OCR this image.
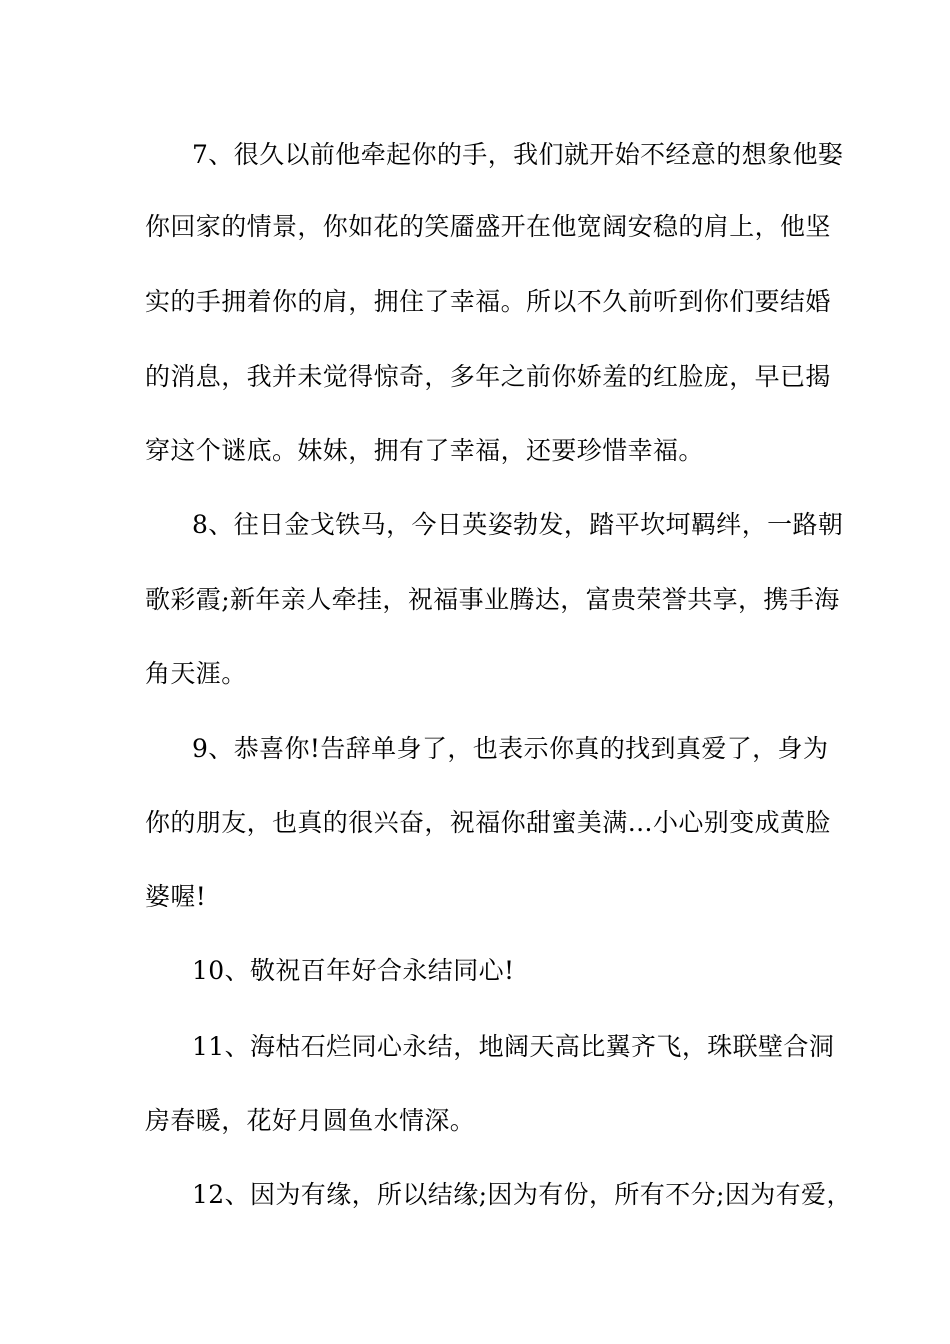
7、很久以前他牵起你的手，我们就开始不经意的想象他娶
你回家的情景，你如花的笑靥盛开在他宽阔安稳的肩上，他坚
实的手拥着你的肩，拥住了幸福。所以不久前听到你们要结婚
的消息，我并未觉得惊奇，多年之前你娇羞的红脸庞，早已揭
穿这个谜底。妹妹，拥有了幸福，还要珍惜幸福。
8、往日金戈铁马，今日英姿勃发，踏平坎坷羁绊，一路朝
歌彩霞;新年亲人牵挂，祝福事业腾达，富贵荣誉共享，携手海
角天涯。
9、恭喜你!告辞单身了，也表示你真的找到真爱了，身为
你的朋友，也真的很兴奋，祝福你甜蜜美满…小心别变成黄脸
婆喔!
10、敬祝百年好合永结同心!
11、海枯石烂同心永结，地阔天高比翼齐飞，珠联壁合洞
房春暖，花好月圆鱼水情深。
12、因为有缘，所以结缘;因为有份，所有不分;因为有爱，
